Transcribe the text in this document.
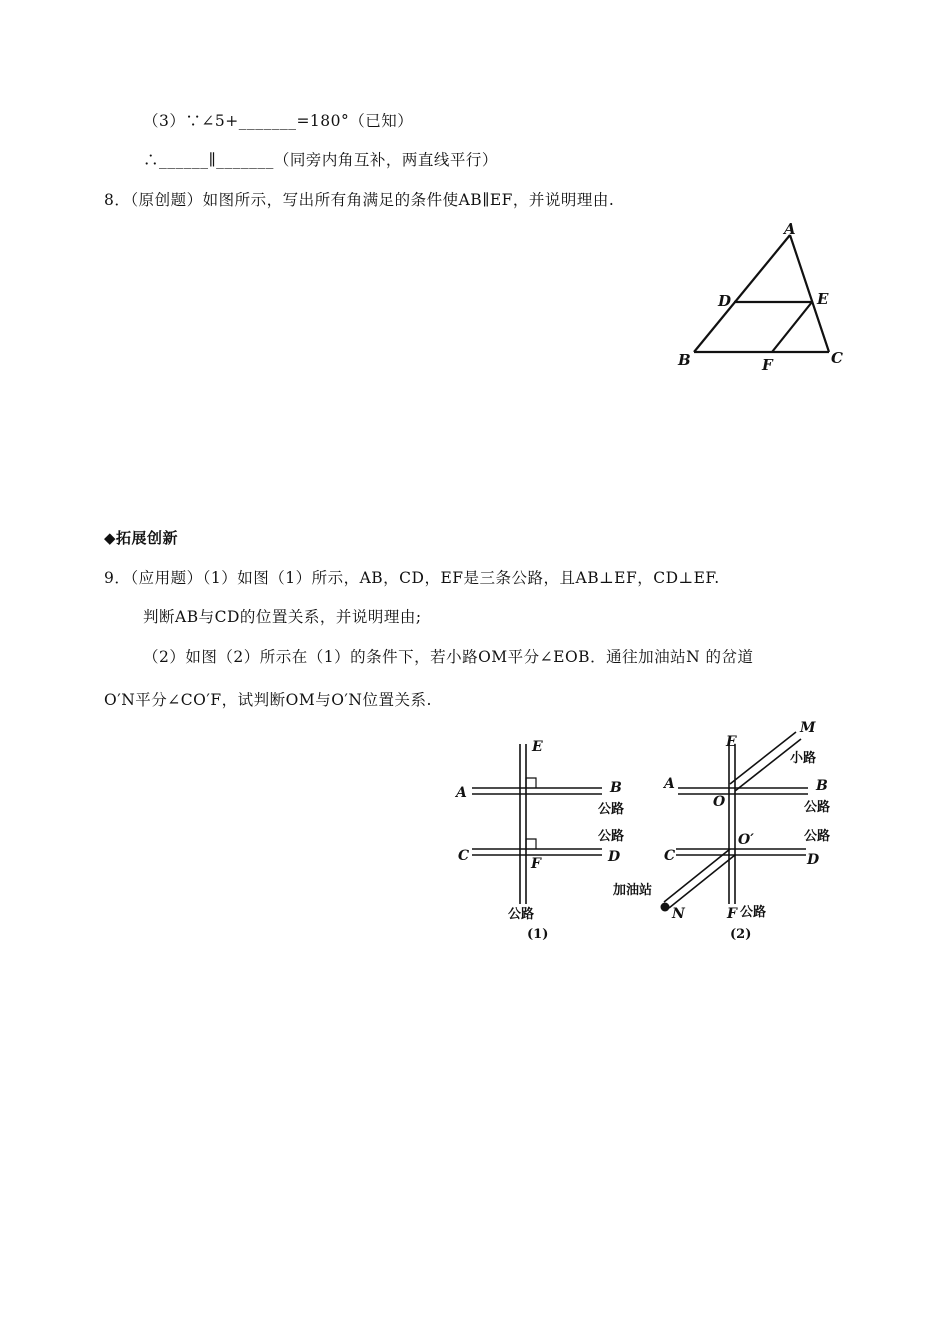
（3）∵∠5+_______=180°（已知）
∴______∥_______（同旁内角互补，两直线平行）
8．（原创题）如图所示，写出所有角满足的条件使AB∥EF，并说明理由.
A
D	E
B	F	C
◆拓展创新
9．（应用题）（1）如图（1）所示，AB，CD，EF是三条公路，且AB⊥EF，CD⊥EF.
判断AB与CD的位置关系，并说明理由;
（2）如图（2）所示在（1）的条件下，若小路OM平分∠EOB．通往加油站N 的岔道
O′N平分∠CO′F，试判断OM与O′N位置关系.
E
A	B
C	D
F
公路
公路
公路
(1)
M
E
A	B
O
O′
C	D
N	F
小路
公路
公路
加油站
公路
(2)
